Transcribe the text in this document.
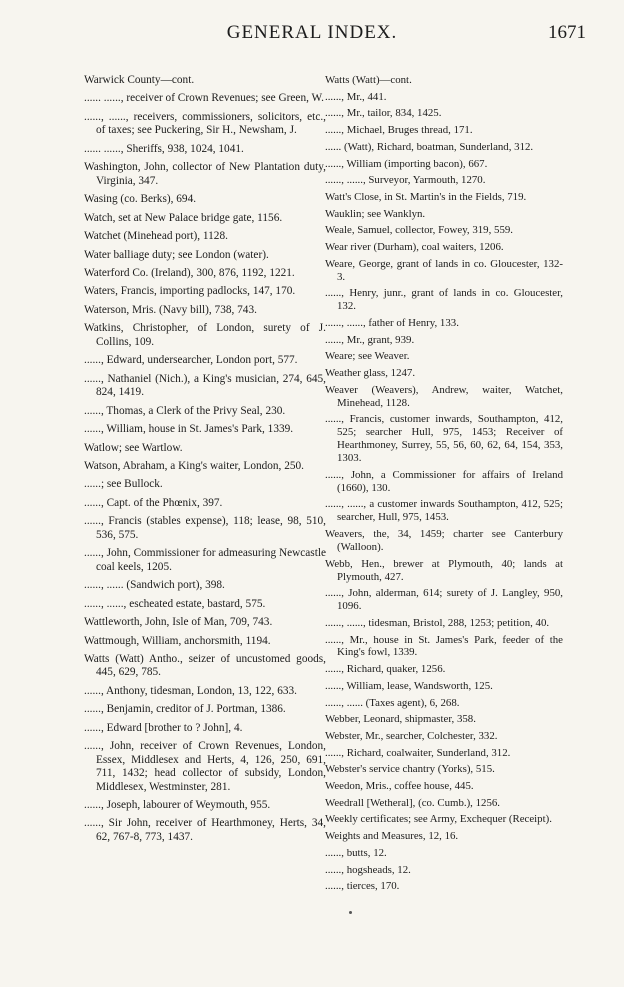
GENERAL INDEX.	1671
Warwick County—cont.
...... ......, receiver of Crown Revenues; see Green, W.
......, ......, receivers, commissioners, solicitors, etc., of taxes; see Puckering, Sir H., Newsham, J.
...... ......, Sheriffs, 938, 1024, 1041.
Washington, John, collector of New Plantation duty, Virginia, 347.
Wasing (co. Berks), 694.
Watch, set at New Palace bridge gate, 1156.
Watchet (Minehead port), 1128.
Water balliage duty; see London (water).
Waterford Co. (Ireland), 300, 876, 1192, 1221.
Waters, Francis, importing padlocks, 147, 170.
Waterson, Mris. (Navy bill), 738, 743.
Watkins, Christopher, of London, surety of J. Collins, 109.
......, Edward, undersearcher, London port, 577.
......, Nathaniel (Nich.), a King's musician, 274, 645, 824, 1419.
......, Thomas, a Clerk of the Privy Seal, 230.
......, William, house in St. James's Park, 1339.
Watlow; see Wartlow.
Watson, Abraham, a King's waiter, London, 250.
......; see Bullock.
......, Capt. of the Phœnix, 397.
......, Francis (stables expense), 118; lease, 98, 510, 536, 575.
......, John, Commissioner for admeasuring Newcastle coal keels, 1205.
......, ...... (Sandwich port), 398.
......, ......, escheated estate, bastard, 575.
Wattleworth, John, Isle of Man, 709, 743.
Wattmough, William, anchorsmith, 1194.
Watts (Watt) Antho., seizer of uncustomed goods, 445, 629, 785.
......, Anthony, tidesman, London, 13, 122, 633.
......, Benjamin, creditor of J. Portman, 1386.
......, Edward [brother to ? John], 4.
......, John, receiver of Crown Revenues, London, Essex, Middlesex and Herts, 4, 126, 250, 691, 711, 1432; head collector of subsidy, London, Middlesex, Westminster, 281.
......, Joseph, labourer of Weymouth, 955.
......, Sir John, receiver of Hearthmoney, Herts, 34, 62, 767-8, 773, 1437.
Watts (Watt)—cont.
......, Mr., 441.
......, Mr., tailor, 834, 1425.
......, Michael, Bruges thread, 171.
...... (Watt), Richard, boatman, Sunderland, 312.
......, William (importing bacon), 667.
......, ......, Surveyor, Yarmouth, 1270.
Watt's Close, in St. Martin's in the Fields, 719.
Wauklin; see Wanklyn.
Weale, Samuel, collector, Fowey, 319, 559.
Wear river (Durham), coal waiters, 1206.
Weare, George, grant of lands in co. Gloucester, 132-3.
......, Henry, junr., grant of lands in co. Gloucester, 132.
......, ......, father of Henry, 133.
......, Mr., grant, 939.
Weare; see Weaver.
Weather glass, 1247.
Weaver (Weavers), Andrew, waiter, Watchet, Minehead, 1128.
......, Francis, customer inwards, Southampton, 412, 525; searcher Hull, 975, 1453; Receiver of Hearthmoney, Surrey, 55, 56, 60, 62, 64, 154, 353, 1303.
......, John, a Commissioner for affairs of Ireland (1660), 130.
......, ......, a customer inwards Southampton, 412, 525; searcher, Hull, 975, 1453.
Weavers, the, 34, 1459; charter see Canterbury (Walloon).
Webb, Hen., brewer at Plymouth, 40; lands at Plymouth, 427.
......, John, alderman, 614; surety of J. Langley, 950, 1096.
......, ......, tidesman, Bristol, 288, 1253; petition, 40.
......, Mr., house in St. James's Park, feeder of the King's fowl, 1339.
......, Richard, quaker, 1256.
......, William, lease, Wandsworth, 125.
......, ...... (Taxes agent), 6, 268.
Webber, Leonard, shipmaster, 358.
Webster, Mr., searcher, Colchester, 332.
......, Richard, coalwaiter, Sunderland, 312.
Webster's service chantry (Yorks), 515.
Weedon, Mris., coffee house, 445.
Weedrall [Wetheral], (co. Cumb.), 1256.
Weekly certificates; see Army, Exchequer (Receipt).
Weights and Measures, 12, 16.
......, butts, 12.
......, hogsheads, 12.
......, tierces, 170.
